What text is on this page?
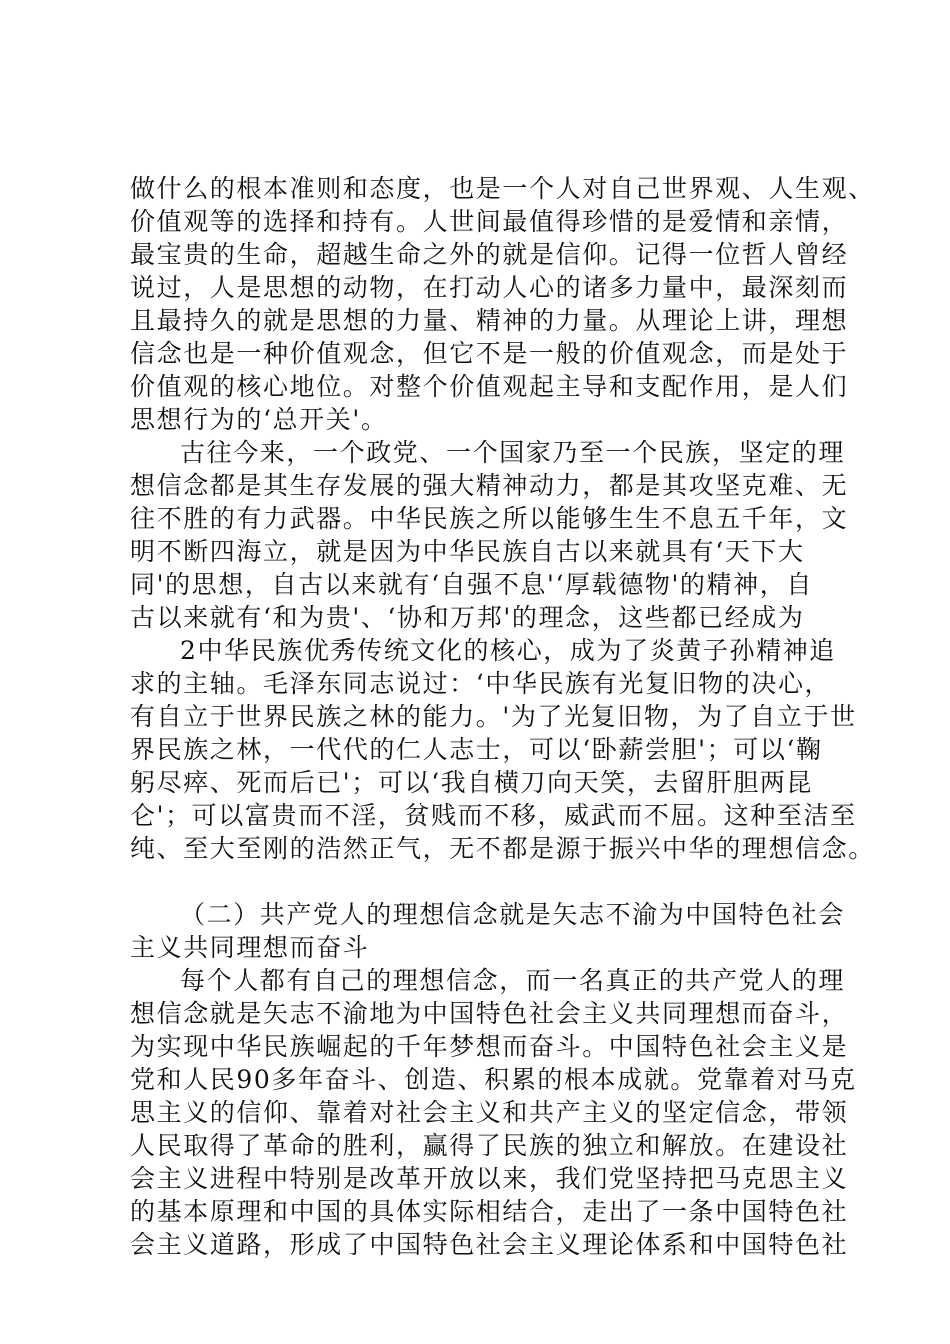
做什么的根本准则和态度，也是一个人对自己世界观、人生观、
价值观等的选择和持有。人世间最值得珍惜的是爱情和亲情，
最宝贵的生命，超越生命之外的就是信仰。记得一位哲人曾经
说过，人是思想的动物，在打动人心的诸多力量中，最深刻而
且最持久的就是思想的力量、精神的力量。从理论上讲，理想
信念也是一种价值观念，但它不是一般的价值观念，而是处于
价值观的核心地位。对整个价值观起主导和支配作用，是人们
思想行为的‘总开关'。
古往今来，一个政党、一个国家乃至一个民族，坚定的理
想信念都是其生存发展的强大精神动力，都是其攻坚克难、无
往不胜的有力武器。中华民族之所以能够生生不息五千年，文
明不断四海立，就是因为中华民族自古以来就具有‘天下大
同'的思想，自古以来就有‘自强不息'‘厚载德物'的精神，自
古以来就有‘和为贵'、‘协和万邦'的理念，这些都已经成为
2中华民族优秀传统文化的核心，成为了炎黄子孙精神追
求的主轴。毛泽东同志说过：‘中华民族有光复旧物的决心，
有自立于世界民族之林的能力。'为了光复旧物，为了自立于世
界民族之林，一代代的仁人志士，可以‘卧薪尝胆'；可以‘鞠
躬尽瘁、死而后已'；可以‘我自横刀向天笑，去留肝胆两昆
仑'；可以富贵而不淫，贫贱而不移，威武而不屈。这种至洁至
纯、至大至刚的浩然正气，无不都是源于振兴中华的理想信念。
（二）共产党人的理想信念就是矢志不渝为中国特色社会
主义共同理想而奋斗
每个人都有自己的理想信念，而一名真正的共产党人的理
想信念就是矢志不渝地为中国特色社会主义共同理想而奋斗，
为实现中华民族崛起的千年梦想而奋斗。中国特色社会主义是
党和人民90多年奋斗、创造、积累的根本成就。党靠着对马克
思主义的信仰、靠着对社会主义和共产主义的坚定信念，带领
人民取得了革命的胜利，赢得了民族的独立和解放。在建设社
会主义进程中特别是改革开放以来，我们党坚持把马克思主义
的基本原理和中国的具体实际相结合，走出了一条中国特色社
会主义道路，形成了中国特色社会主义理论体系和中国特色社
